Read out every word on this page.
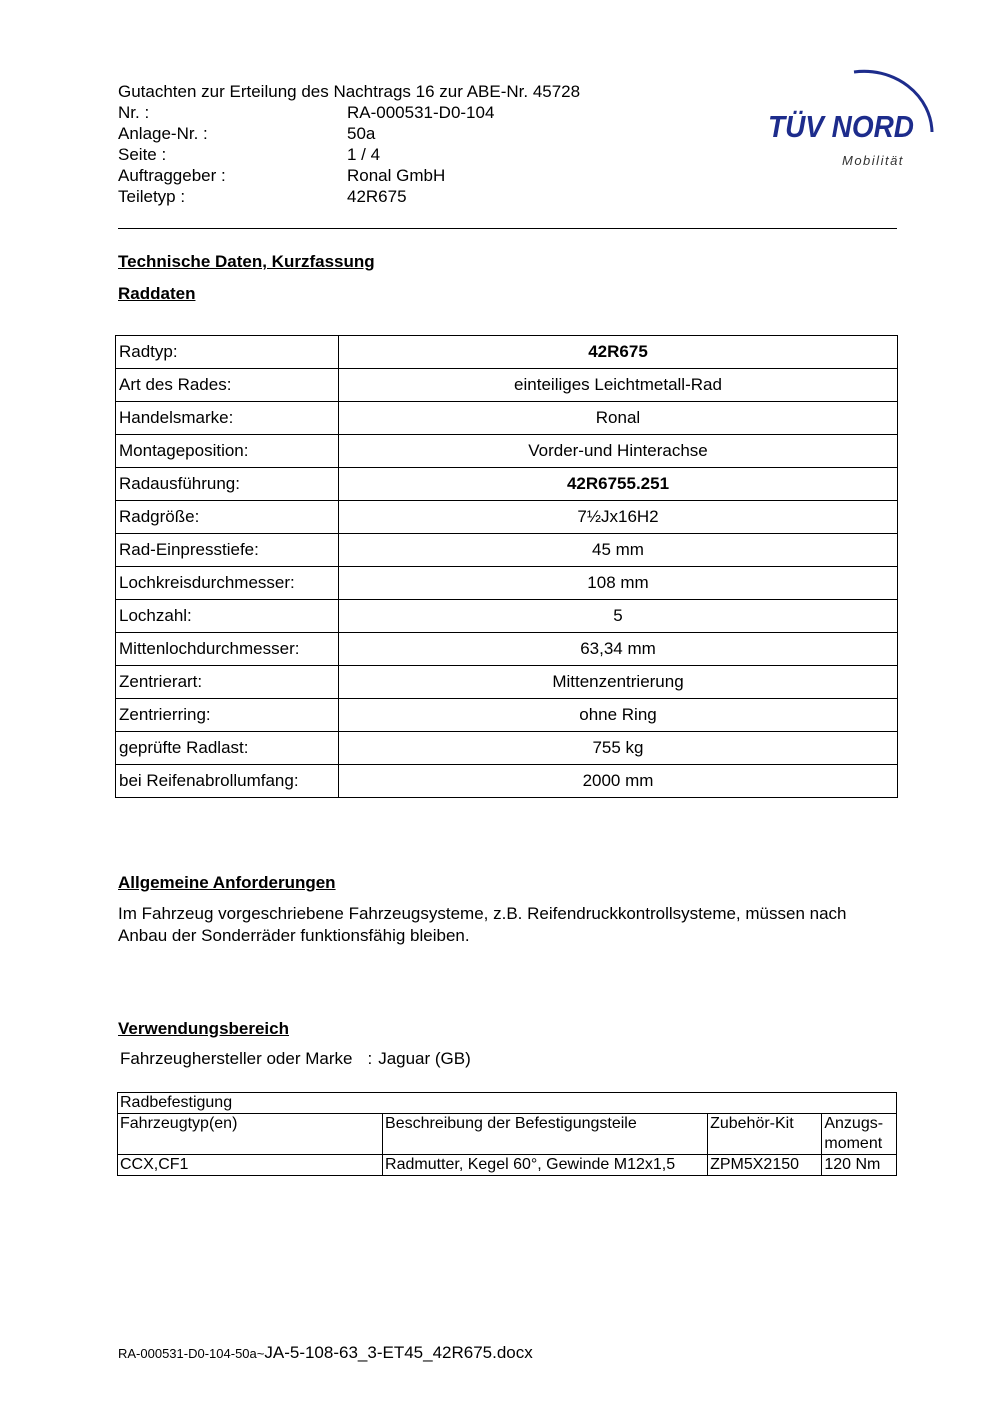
Gutachten zur Erteilung des Nachtrags 16 zur ABE-Nr. 45728
Nr. :	RA-000531-D0-104
Anlage-Nr. :	50a
Seite :	1 / 4
Auftraggeber :	Ronal GmbH
Teiletyp :	42R675
TÜV NORD
Mobilität
Technische Daten, Kurzfassung
Raddaten
Radtyp:	42R675
Art des Rades:	einteiliges Leichtmetall-Rad
Handelsmarke:	Ronal
Montageposition:	Vorder-und Hinterachse
Radausführung:	42R6755.251
Radgröße:	7½Jx16H2
Rad-Einpresstiefe:	45 mm
Lochkreisdurchmesser:	108 mm
Lochzahl:	5
Mittenlochdurchmesser:	63,34 mm
Zentrierart:	Mittenzentrierung
Zentrierring:	ohne Ring
geprüfte Radlast:	755 kg
bei Reifenabrollumfang:	2000 mm
Allgemeine Anforderungen
Im Fahrzeug vorgeschriebene Fahrzeugsysteme, z.B. Reifendruckkontrollsysteme, müssen nach Anbau der Sonderräder funktionsfähig bleiben.
Verwendungsbereich
Fahrzeughersteller oder Marke : Jaguar (GB)
Radbefestigung			
Fahrzeugtyp(en)	Beschreibung der Befestigungsteile	Zubehör-Kit	Anzugs-moment
CCX,CF1	Radmutter, Kegel 60°, Gewinde M12x1,5	ZPM5X2150	120 Nm
RA-000531-D0-104-50a~JA-5-108-63_3-ET45_42R675.docx
